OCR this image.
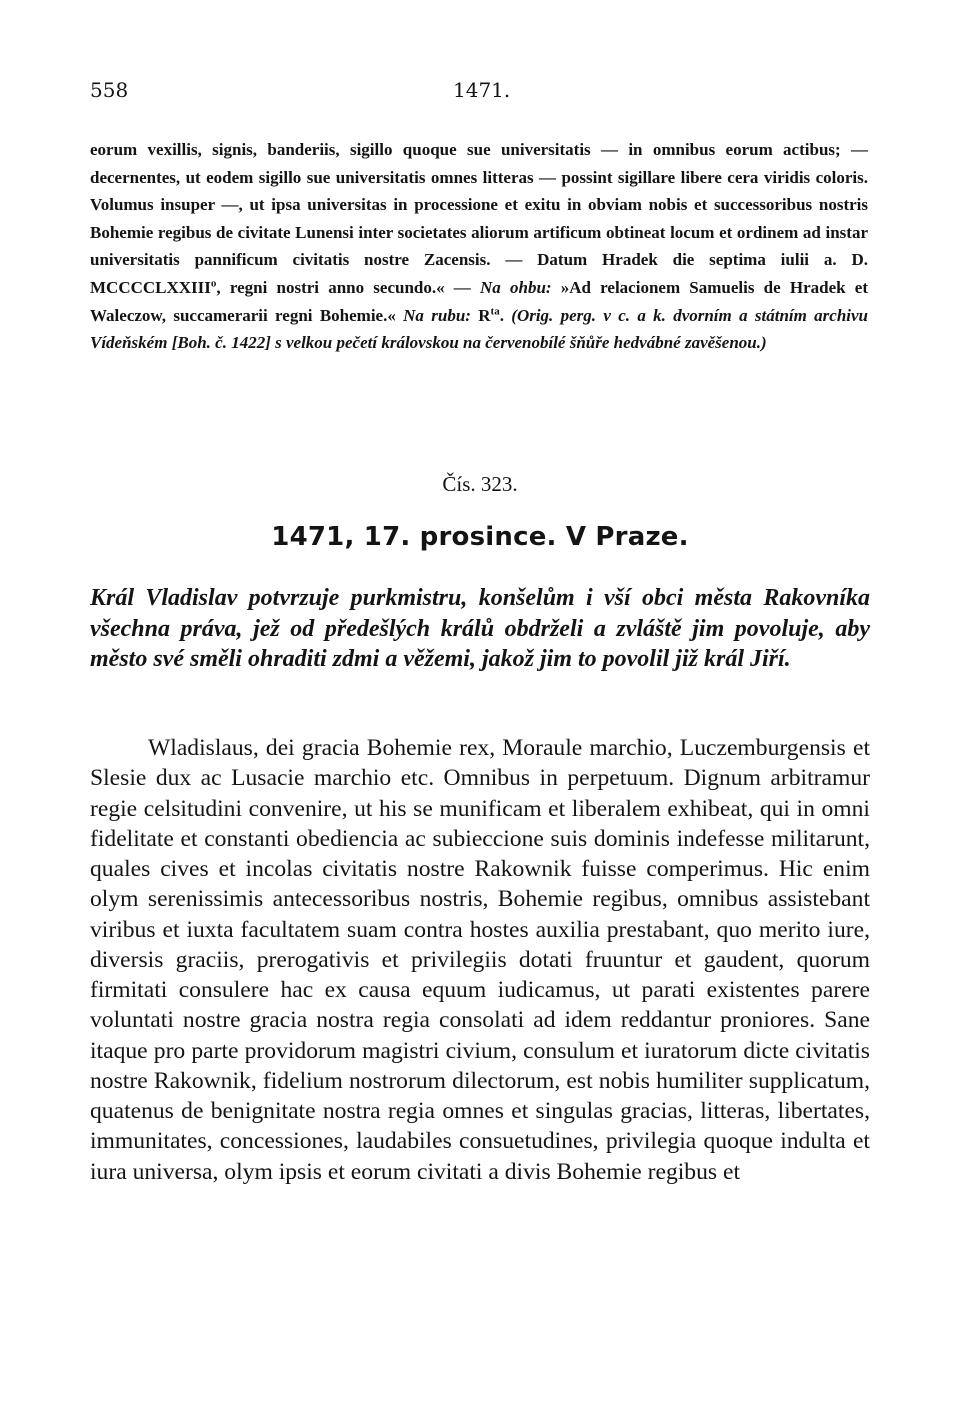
558	1471.
eorum vexillis, signis, banderiis, sigillo quoque sue universitatis — in omnibus eorum actibus; — decernentes, ut eodem sigillo sue universitatis omnes litteras — possint sigillare libere cera viridis coloris. Volumus insuper —, ut ipsa universitas in processione et exitu in obviam nobis et successoribus nostris Bohemie regibus de civitate Lunensi inter societates aliorum artificum obtineat locum et ordinem ad instar universitatis pannificum civitatis nostre Zacensis. — Datum Hradek die septima iulii a. D. MCCCCLXXIII$^o$, regni nostri anno secundo.« — Na ohbu: »Ad relacionem Samuelis de Hradek et Waleczow, succamerarii regni Bohemie.« Na rubu: $R^{ta}$. (Orig. perg. v c. a k. dvorním a státním archivu Vídeňském [Boh. č. 1422] s velkou pečetí královskou na červenobílé šňůře hedvábné zavěšenou.)
Čís. 323.
1471, 17. prosince. V Praze.
Král Vladislav potvrzuje purkmistru, konšelům i vší obci města Rakovníka všechna práva, jež od předešlých králů obdrželi a zvláště jim povoluje, aby město své směli ohraditi zdmi a věžemi, jakož jim to povolil již král Jiří.
Wladislaus, dei gracia Bohemie rex, Moraule marchio, Luczemburgensis et Slesie dux ac Lusacie marchio etc. Omnibus in perpetuum. Dignum arbitramur regie celsitudini convenire, ut his se munificam et liberalem exhibeat, qui in omni fidelitate et constanti obediencia ac subieccione suis dominis indefesse militarunt, quales cives et incolas civitatis nostre Rakownik fuisse comperimus. Hic enim olym serenissimis antecessoribus nostris, Bohemie regibus, omnibus assistebant viribus et iuxta facultatem suam contra hostes auxilia prestabant, quo merito iure, diversis graciis, prerogativis et privilegiis dotati fruuntur et gaudent, quorum firmitati consulere hac ex causa equum iudicamus, ut parati existentes parere voluntati nostre gracia nostra regia consolati ad idem reddantur proniores. Sane itaque pro parte providorum magistri civium, consulum et iuratorum dicte civitatis nostre Rakownik, fidelium nostrorum dilectorum, est nobis humiliter supplicatum, quatenus de benignitate nostra regia omnes et singulas gracias, litteras, libertates, immunitates, concessiones, laudabiles consuetudines, privilegia quoque indulta et iura universa, olym ipsis et eorum civitati a divis Bohemie regibus et
